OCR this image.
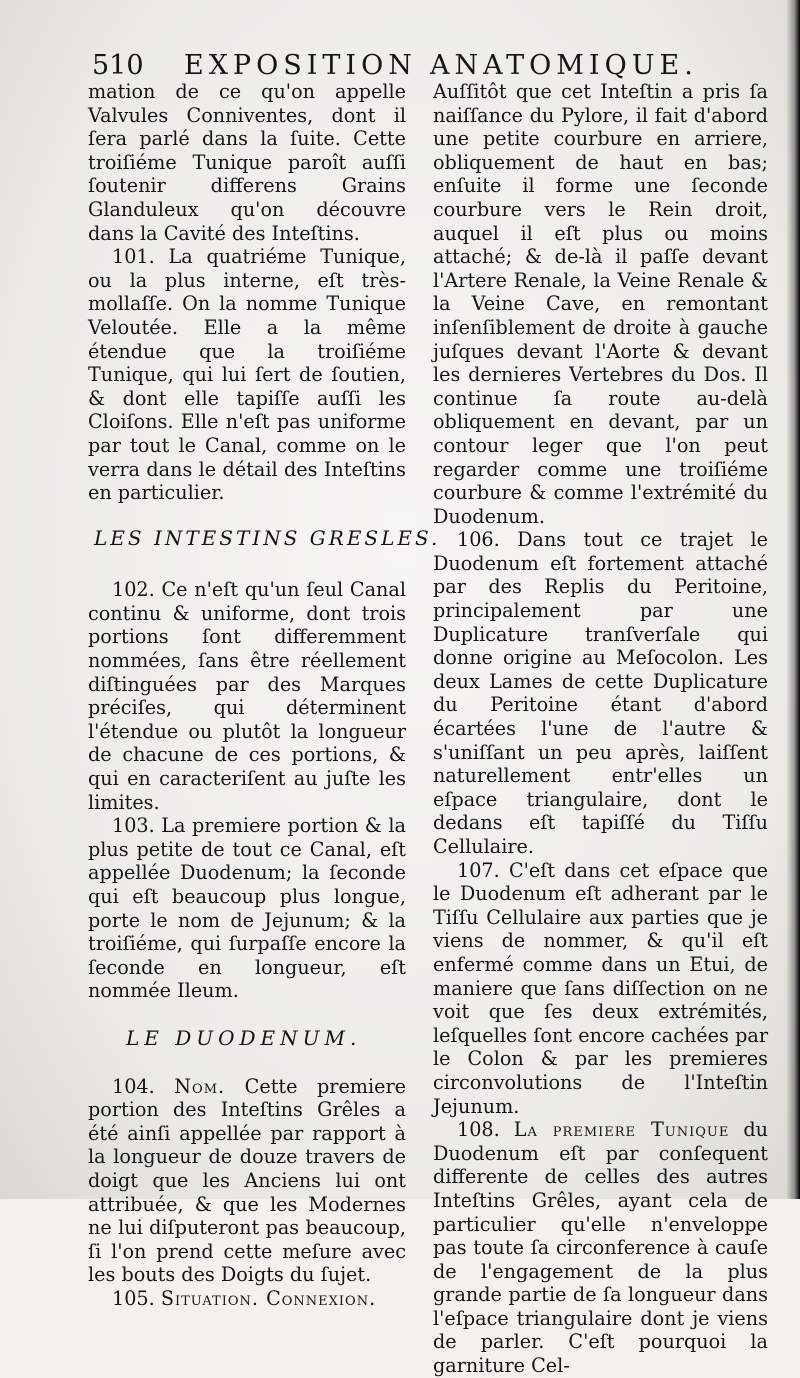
510 EXPOSITION ANATOMIQUE.

mation de ce qu'on appelle Valvules Conniventes, dont il ſera parlé dans la ſuite. Cette troiſiéme Tunique paroît auſſi ſoutenir differens Grains Glanduleux qu'on découvre dans la Cavité des Inteſtins.

101. La quatriéme Tunique, ou la plus interne, eſt très-mollaſſe. On la nomme Tunique Veloutée. Elle a la même étendue que la troiſiéme Tunique, qui lui ſert de ſoutien, & dont elle tapiſſe auſſi les Cloiſons. Elle n'eſt pas uniforme par tout le Canal, comme on le verra dans le détail des Inteſtins en particulier.

LES INTESTINS GRESLES.

102. Ce n'eſt qu'un ſeul Canal continu & uniforme, dont trois portions ſont differemment nommées, ſans être réellement diſtinguées par des Marques préciſes, qui déterminent l'étendue ou plutôt la longueur de chacune de ces portions, & qui en caracteriſent au juſte les limites.

103. La premiere portion & la plus petite de tout ce Canal, eſt appellée Duodenum; la ſeconde qui eſt beaucoup plus longue, porte le nom de Jejunum; & la troiſiéme, qui ſurpaſſe encore la ſeconde en longueur, eſt nommée Ileum.

LE DUODENUM.

104. Nom. Cette premiere portion des Inteſtins Grêles a été ainſi appellée par rapport à la longueur de douze travers de doigt que les Anciens lui ont attribuée, & que les Modernes ne lui diſputeront pas beaucoup, ſi l'on prend cette meſure avec les bouts des Doigts du ſujet.

105. Situation. Connexion.

Auſſitôt que cet Inteſtin a pris ſa naiſſance du Pylore, il fait d'abord une petite courbure en arriere, obliquement de haut en bas; enſuite il forme une ſeconde courbure vers le Rein droit, auquel il eſt plus ou moins attaché; & de-là il paſſe devant l'Artere Renale, la Veine Renale & la Veine Cave, en remontant inſenſiblement de droite à gauche juſques devant l'Aorte & devant les dernieres Vertebres du Dos. Il continue ſa route au-delà obliquement en devant, par un contour leger que l'on peut regarder comme une troiſiéme courbure & comme l'extrémité du Duodenum.

106. Dans tout ce trajet le Duodenum eſt fortement attaché par des Replis du Peritoine, principalement par une Duplicature tranſverſale qui donne origine au Meſocolon. Les deux Lames de cette Duplicature du Peritoine étant d'abord écartées l'une de l'autre & s'uniſſant un peu après, laiſſent naturellement entr'elles un eſpace triangulaire, dont le dedans eſt tapiſſé du Tiſſu Cellulaire.

107. C'eſt dans cet eſpace que le Duodenum eſt adherant par le Tiſſu Cellulaire aux parties que je viens de nommer, & qu'il eſt enfermé comme dans un Etui, de maniere que ſans diſſection on ne voit que ſes deux extrémités, leſquelles ſont encore cachées par le Colon & par les premieres circonvolutions de l'Inteſtin Jejunum.

108. La premiere Tunique du Duodenum eſt par conſequent differente de celles des autres Inteſtins Grêles, ayant cela de particulier qu'elle n'enveloppe pas toute ſa circonference à cauſe de l'engagement de la plus grande partie de ſa longueur dans l'eſpace triangulaire dont je viens de parler. C'eſt pourquoi la garniture Cel-
